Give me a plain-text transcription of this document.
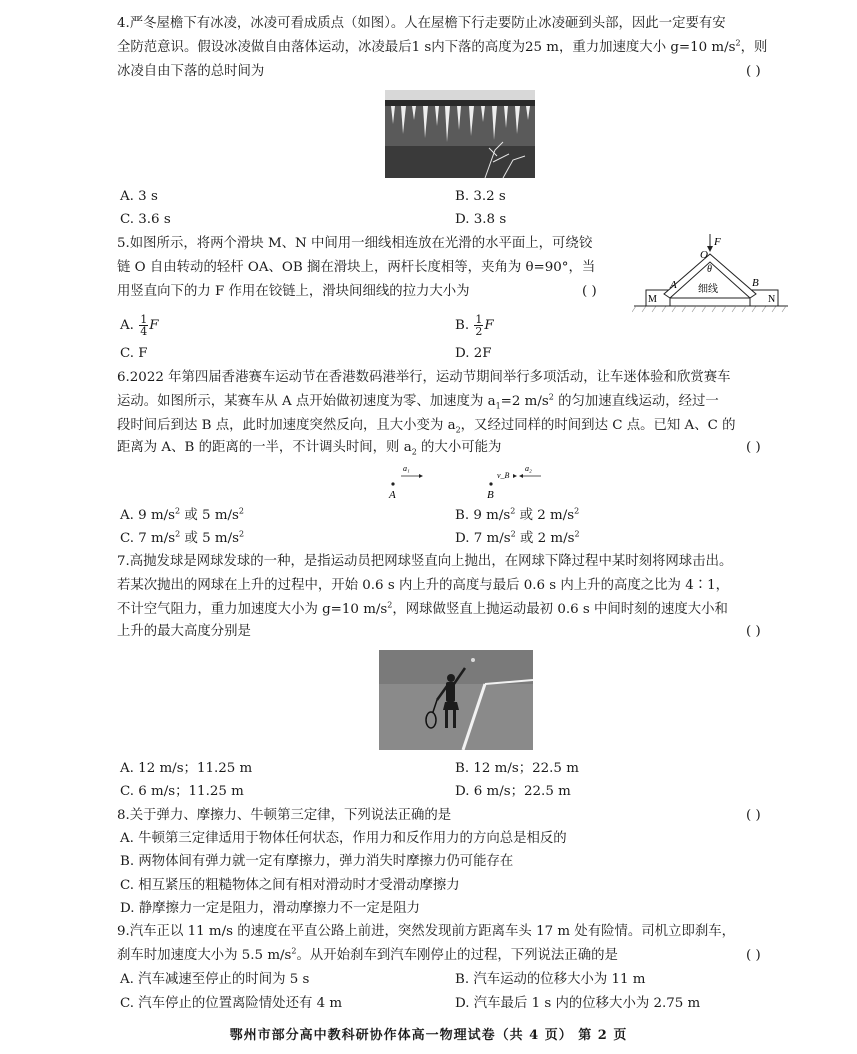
4.严冬屋檐下有冰凌，冰凌可看成质点（如图）。人在屋檐下行走要防止冰凌砸到头部，因此一定要有安
全防范意识。假设冰凌做自由落体运动，冰凌最后1 s内下落的高度为25 m，重力加速度大小 g=10 $m/s^2$，则
冰凌自由下落的总时间为	( )
A. 3 s	B. 3.2 s
C. 3.6 s	D. 3.8 s
5.如图所示，将两个滑块 M、N 中间用一细线相连放在光滑的水平面上，可绕铰
链 O 自由转动的轻杆 OA、OB 搁在滑块上，两杆长度相等，夹角为 θ=90°，当
用竖直向下的力 F 作用在铰链上，滑块间细线的拉力大小为	( )
F
O
θ
A	B
M	N
细线
A. $\frac{1}{4}$ F	B. $\frac{1}{2}$ F
C. F	D. 2F
6.2022 年第四届香港赛车运动节在香港数码港举行，运动节期间举行多项活动，让车迷体验和欣赏赛车
运动。如图所示，某赛车从 A 点开始做初速度为零、加速度为 $a_1=2$ $m/s^2$ 的匀加速直线运动，经过一
段时间后到达 B 点，此时加速度突然反向，且大小变为 $a_2$，又经过同样的时间到达 C 点。已知 A、C 的
距离为 A、B 的距离的一半，不计调头时间，则 $a_2$ 的大小可能为	( )
a₁
A
v_B
a₂
B
A. 9 $m/s^2$ 或 5 $m/s^2$	B. 9 $m/s^2$ 或 2 $m/s^2$
C. 7 $m/s^2$ 或 5 $m/s^2$	D. 7 $m/s^2$ 或 2 $m/s^2$
7.高抛发球是网球发球的一种，是指运动员把网球竖直向上抛出，在网球下降过程中某时刻将网球击出。
若某次抛出的网球在上升的过程中，开始 0.6 s 内上升的高度与最后 0.6 s 内上升的高度之比为 4∶1，
不计空气阻力，重力加速度大小为 g=10 $m/s^2$，网球做竖直上抛运动最初 0.6 s 中间时刻的速度大小和
上升的最大高度分别是	( )
A. 12 m/s；11.25 m	B. 12 m/s；22.5 m
C. 6 m/s；11.25 m	D. 6 m/s；22.5 m
8.关于弹力、摩擦力、牛顿第三定律，下列说法正确的是	( )
A. 牛顿第三定律适用于物体任何状态，作用力和反作用力的方向总是相反的
B. 两物体间有弹力就一定有摩擦力，弹力消失时摩擦力仍可能存在
C. 相互紧压的粗糙物体之间有相对滑动时才受滑动摩擦力
D. 静摩擦力一定是阻力，滑动摩擦力不一定是阻力
9.汽车正以 11 m/s 的速度在平直公路上前进，突然发现前方距离车头 17 m 处有险情。司机立即刹车，
刹车时加速度大小为 5.5 $m/s^2$。从开始刹车到汽车刚停止的过程，下列说法正确的是	( )
A. 汽车减速至停止的时间为 5 s	B. 汽车运动的位移大小为 11 m
C. 汽车停止的位置离险情处还有 4 m	D. 汽车最后 1 s 内的位移大小为 2.75 m
鄂州市部分高中教科研协作体高一物理试卷（共 4 页） 第 2 页
